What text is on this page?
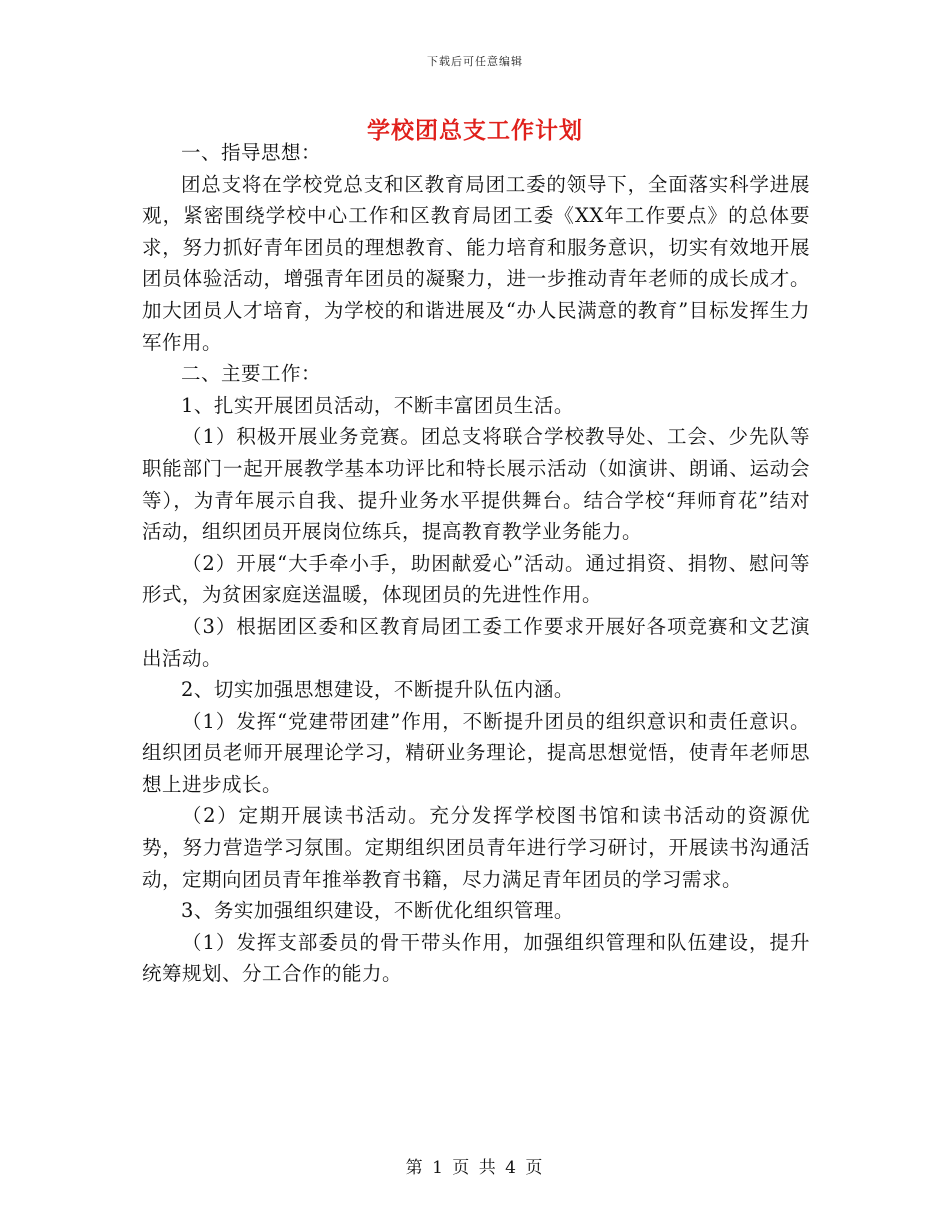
下载后可任意编辑
学校团总支工作计划

一、指导思想：

团总支将在学校党总支和区教育局团工委的领导下，全面落实科学进展观，紧密围绕学校中心工作和区教育局团工委《XX年工作要点》的总体要求，努力抓好青年团员的理想教育、能力培育和服务意识，切实有效地开展团员体验活动，增强青年团员的凝聚力，进一步推动青年老师的成长成才。加大团员人才培育，为学校的和谐进展及“办人民满意的教育”目标发挥生力军作用。

二、主要工作：

1、扎实开展团员活动，不断丰富团员生活。

（1）积极开展业务竞赛。团总支将联合学校教导处、工会、少先队等职能部门一起开展教学基本功评比和特长展示活动（如演讲、朗诵、运动会等），为青年展示自我、提升业务水平提供舞台。结合学校“拜师育花”结对活动，组织团员开展岗位练兵，提高教育教学业务能力。

（2）开展“大手牵小手，助困献爱心”活动。通过捐资、捐物、慰问等形式，为贫困家庭送温暖，体现团员的先进性作用。

（3）根据团区委和区教育局团工委工作要求开展好各项竞赛和文艺演出活动。

2、切实加强思想建设，不断提升队伍内涵。

（1）发挥“党建带团建”作用，不断提升团员的组织意识和责任意识。组织团员老师开展理论学习，精研业务理论，提高思想觉悟，使青年老师思想上进步成长。

（2）定期开展读书活动。充分发挥学校图书馆和读书活动的资源优势，努力营造学习氛围。定期组织团员青年进行学习研讨，开展读书沟通活动，定期向团员青年推举教育书籍，尽力满足青年团员的学习需求。

3、务实加强组织建设，不断优化组织管理。

（1）发挥支部委员的骨干带头作用，加强组织管理和队伍建设，提升统筹规划、分工合作的能力。

第 1 页 共 4 页
